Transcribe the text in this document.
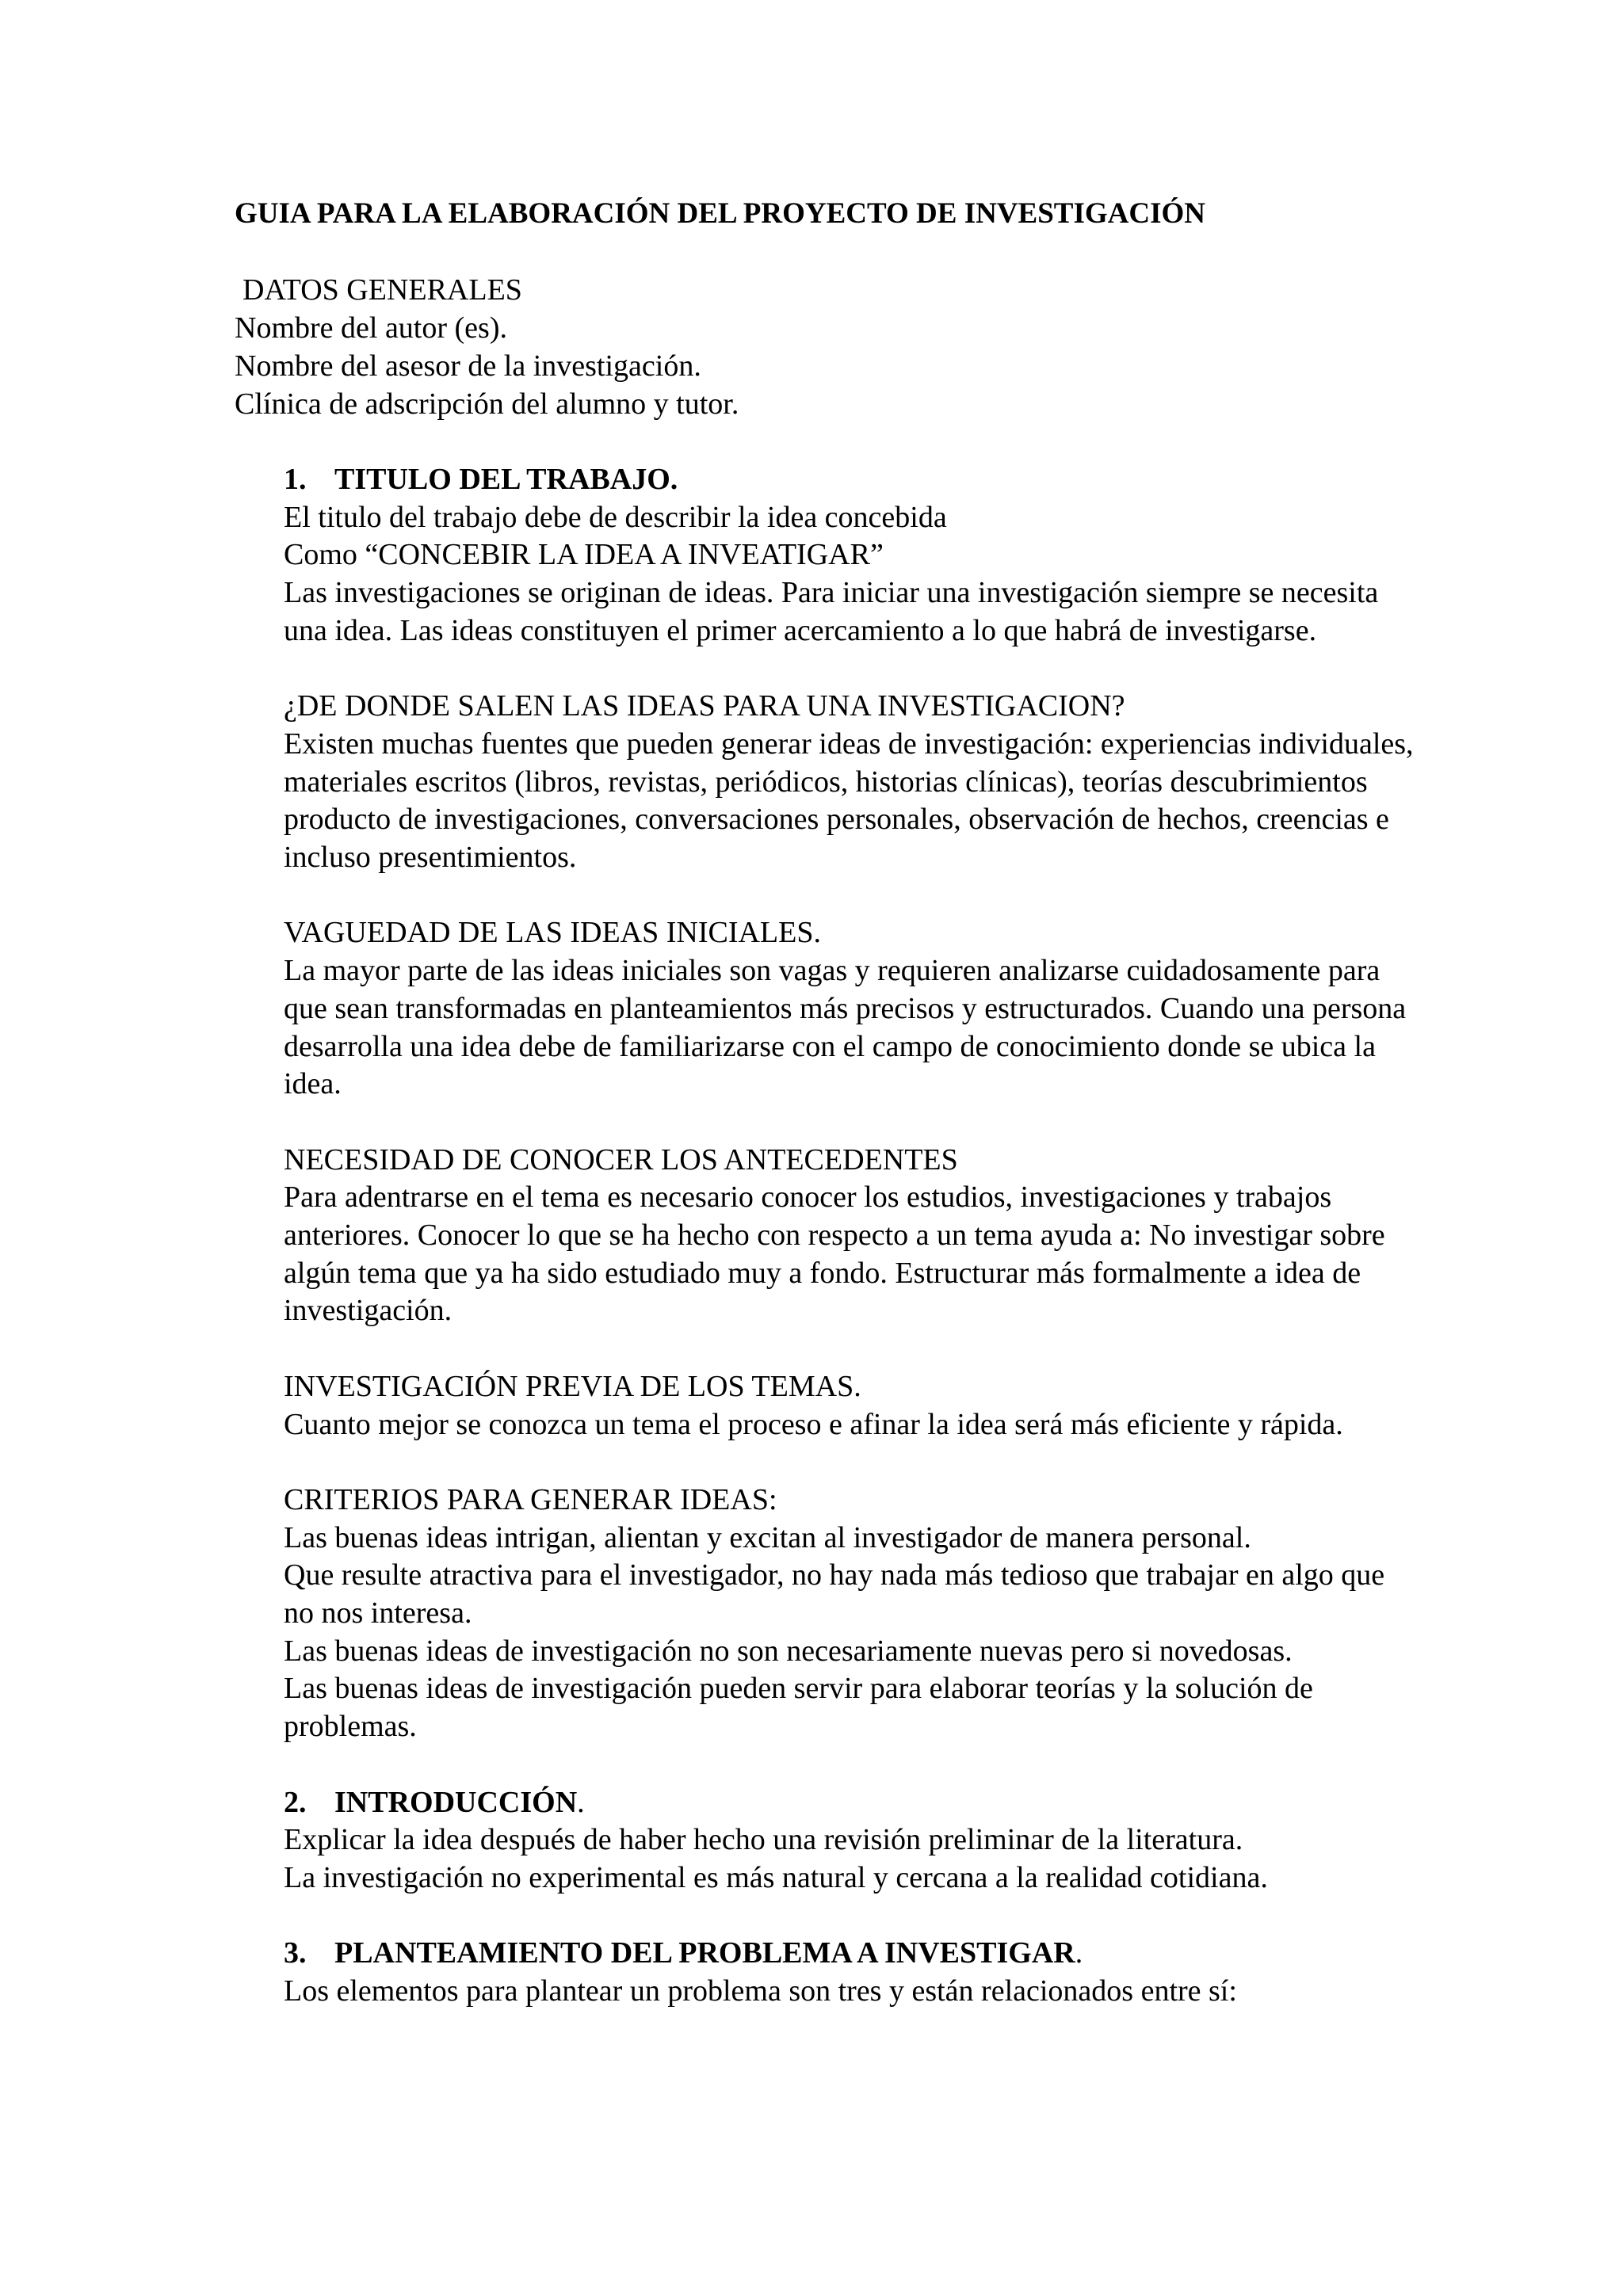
GUIA PARA LA ELABORACIÓN DEL PROYECTO DE INVESTIGACIÓN
DATOS GENERALES
Nombre del autor (es).
Nombre del asesor de la investigación.
Clínica de adscripción del alumno y tutor.
1. TITULO DEL TRABAJO.

El titulo del trabajo debe de describir la idea concebida

Como “CONCEBIR LA IDEA A INVEATIGAR”

Las investigaciones se originan de ideas. Para iniciar una investigación siempre se necesita una idea. Las ideas constituyen el primer acercamiento a lo que habrá de investigarse.

¿DE DONDE SALEN LAS IDEAS PARA UNA INVESTIGACION?

Existen muchas fuentes que pueden generar ideas de investigación: experiencias individuales, materiales escritos (libros, revistas, periódicos, historias clínicas), teorías descubrimientos producto de investigaciones, conversaciones personales, observación de hechos, creencias e incluso presentimientos.

VAGUEDAD DE LAS IDEAS INICIALES.

La mayor parte de las ideas iniciales son vagas y requieren analizarse cuidadosamente para que sean transformadas en planteamientos más precisos y estructurados. Cuando una persona desarrolla una idea debe de familiarizarse con el campo de conocimiento donde se ubica la idea.

NECESIDAD DE CONOCER LOS ANTECEDENTES

Para adentrarse en el tema es necesario conocer los estudios, investigaciones y trabajos anteriores. Conocer lo que se ha hecho con respecto a un tema ayuda a: No investigar sobre algún tema que ya ha sido estudiado muy a fondo. Estructurar más formalmente a idea de investigación.

INVESTIGACIÓN PREVIA DE LOS TEMAS.

Cuanto mejor se conozca un tema el proceso e afinar la idea será más eficiente y rápida.

CRITERIOS PARA GENERAR IDEAS:

Las buenas ideas intrigan, alientan y excitan al investigador de manera personal.

Que resulte atractiva para el investigador, no hay nada más tedioso que trabajar en algo que no nos interesa.

Las buenas ideas de investigación no son necesariamente nuevas pero si novedosas.

Las buenas ideas de investigación pueden servir para elaborar teorías y la solución de problemas.

2. INTRODUCCIÓN.

Explicar la idea después de haber hecho una revisión preliminar de la literatura.

La investigación no experimental es más natural y cercana a la realidad cotidiana.

3. PLANTEAMIENTO DEL PROBLEMA A INVESTIGAR.

Los elementos para plantear un problema son tres y están relacionados entre sí:
